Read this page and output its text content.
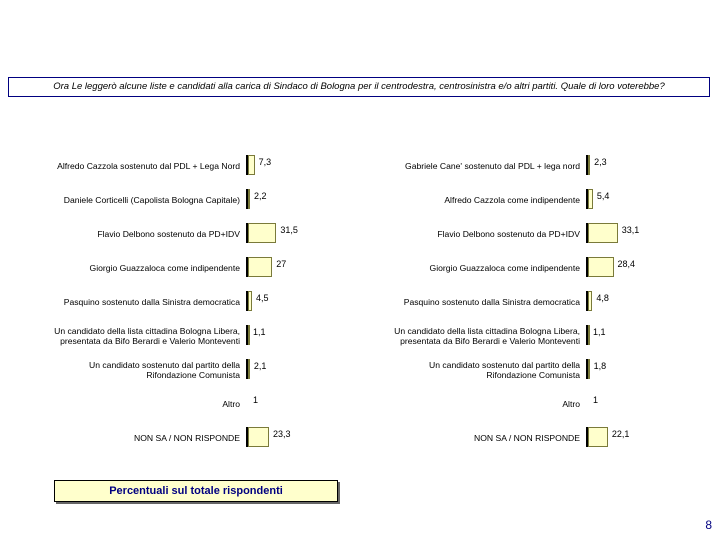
Ora Le leggerò alcune liste e candidati alla carica di Sindaco di Bologna per il centrodestra, centrosinistra e/o altri partiti. Quale di loro voterebbe?
Alfredo Cazzola sostenuto dal PDL + Lega Nord 7,3
Daniele Corticelli (Capolista Bologna Capitale) 2,2
Flavio Delbono sostenuto da PD+IDV	31,5
Giorgio Guazzaloca come indipendente	27
Pasquino sostenuto dalla Sinistra democratica 4,5
Un candidato della lista cittadina Bologna Libera,
presentata da Bifo Berardi e Valerio Monteventi
1,1
Un candidato sostenuto dal partito della
Rifondazione Comunista
2,1
Altro 1
NON SA / NON RISPONDE	23,3
Gabriele Cane' sostenuto dal PDL + lega nord 2,3
Alfredo Cazzola come indipendente 5,4
Flavio Delbono sostenuto da PD+IDV	33,1
Giorgio Guazzaloca come indipendente	28,4
Pasquino sostenuto dalla Sinistra democratica 4,8
Un candidato della lista cittadina Bologna Libera,
presentata da Bifo Berardi e Valerio Monteventi
1,1
Un candidato sostenuto dal partito della
Rifondazione Comunista
1,8
Altro 1
NON SA / NON RISPONDE	22,1
Percentuali sul totale rispondenti
8
